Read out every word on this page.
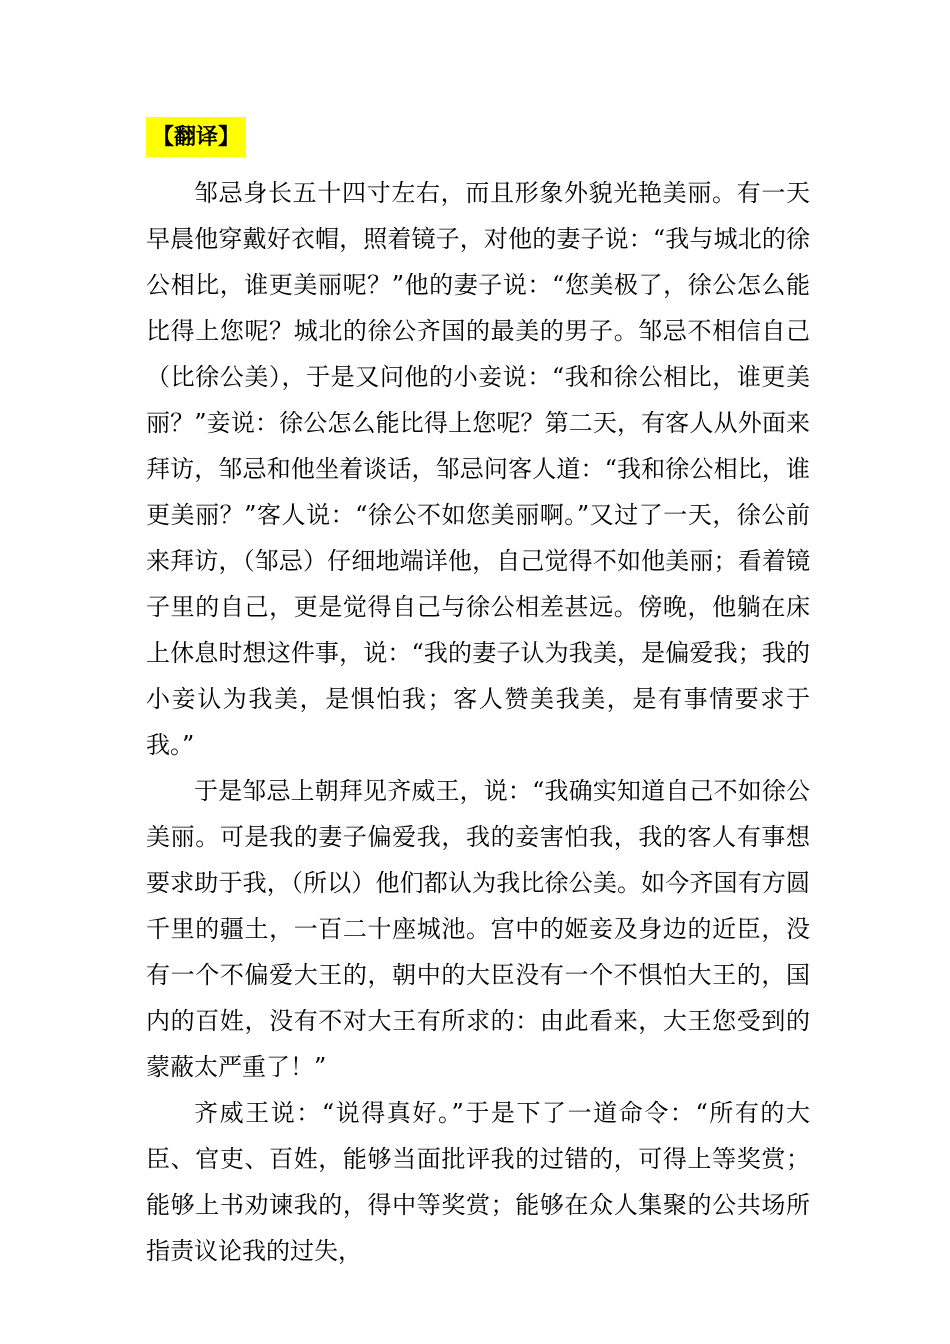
【翻译】

邹忌身长五十四寸左右，而且形象外貌光艳美丽。有一天早晨他穿戴好衣帽，照着镜子，对他的妻子说：“我与城北的徐公相比，谁更美丽呢？”他的妻子说：“您美极了，徐公怎么能比得上您呢？城北的徐公齐国的最美的男子。邹忌不相信自己（比徐公美），于是又问他的小妾说：“我和徐公相比，谁更美丽？”妾说：徐公怎么能比得上您呢？第二天，有客人从外面来拜访，邹忌和他坐着谈话，邹忌问客人道：“我和徐公相比，谁更美丽？”客人说：“徐公不如您美丽啊。”又过了一天，徐公前来拜访，（邹忌）仔细地端详他，自己觉得不如他美丽；看着镜子里的自己，更是觉得自己与徐公相差甚远。傍晚，他躺在床上休息时想这件事，说：“我的妻子认为我美，是偏爱我；我的小妾认为我美，是惧怕我；客人赞美我美，是有事情要求于我。”

于是邹忌上朝拜见齐威王，说：“我确实知道自己不如徐公美丽。可是我的妻子偏爱我，我的妾害怕我，我的客人有事想要求助于我，（所以）他们都认为我比徐公美。如今齐国有方圆千里的疆土，一百二十座城池。宫中的姬妾及身边的近臣，没有一个不偏爱大王的，朝中的大臣没有一个不惧怕大王的，国内的百姓，没有不对大王有所求的：由此看来，大王您受到的蒙蔽太严重了！”

齐威王说：“说得真好。”于是下了一道命令：“所有的大臣、官吏、百姓，能够当面批评我的过错的，可得上等奖赏；能够上书劝谏我的，得中等奖赏；能够在众人集聚的公共场所指责议论我的过失，
